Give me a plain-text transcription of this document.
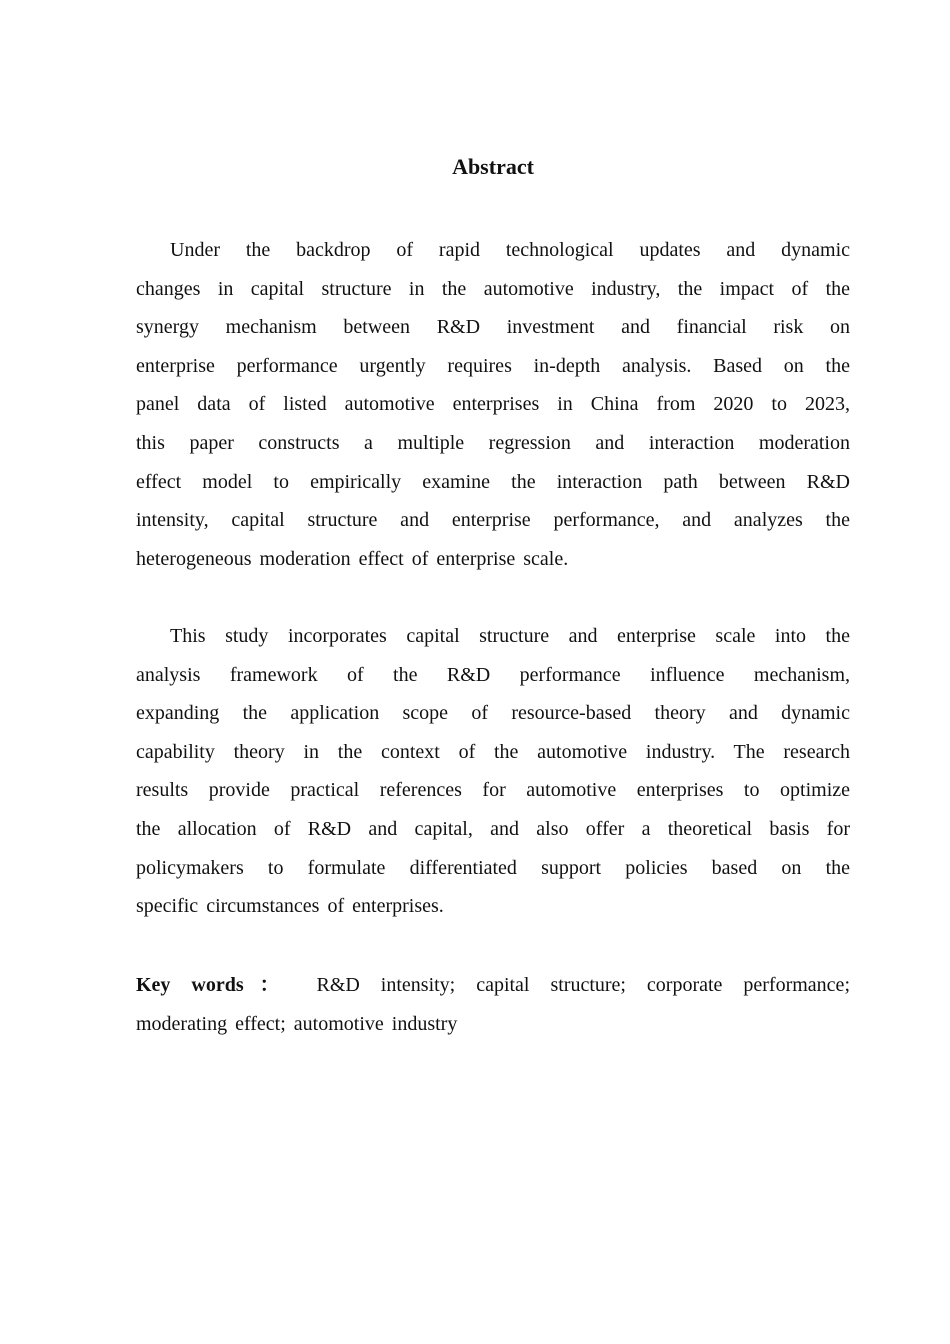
Abstract
Under the backdrop of rapid technological updates and dynamic
changes in capital structure in the automotive industry, the impact of the
synergy mechanism between R&D investment and financial risk on
enterprise performance urgently requires in-depth analysis. Based on the
panel data of listed automotive enterprises in China from 2020 to 2023,
this paper constructs a multiple regression and interaction moderation
effect model to empirically examine the interaction path between R&D
intensity, capital structure and enterprise performance, and analyzes the
heterogeneous moderation effect of enterprise scale.
This study incorporates capital structure and enterprise scale into the
analysis framework of the R&D performance influence mechanism,
expanding the application scope of resource-based theory and dynamic
capability theory in the context of the automotive industry. The research
results provide practical references for automotive enterprises to optimize
the allocation of R&D and capital, and also offer a theoretical basis for
policymakers to formulate differentiated support policies based on the
specific circumstances of enterprises.
Key words： R&D intensity; capital structure; corporate performance;
moderating effect; automotive industry
